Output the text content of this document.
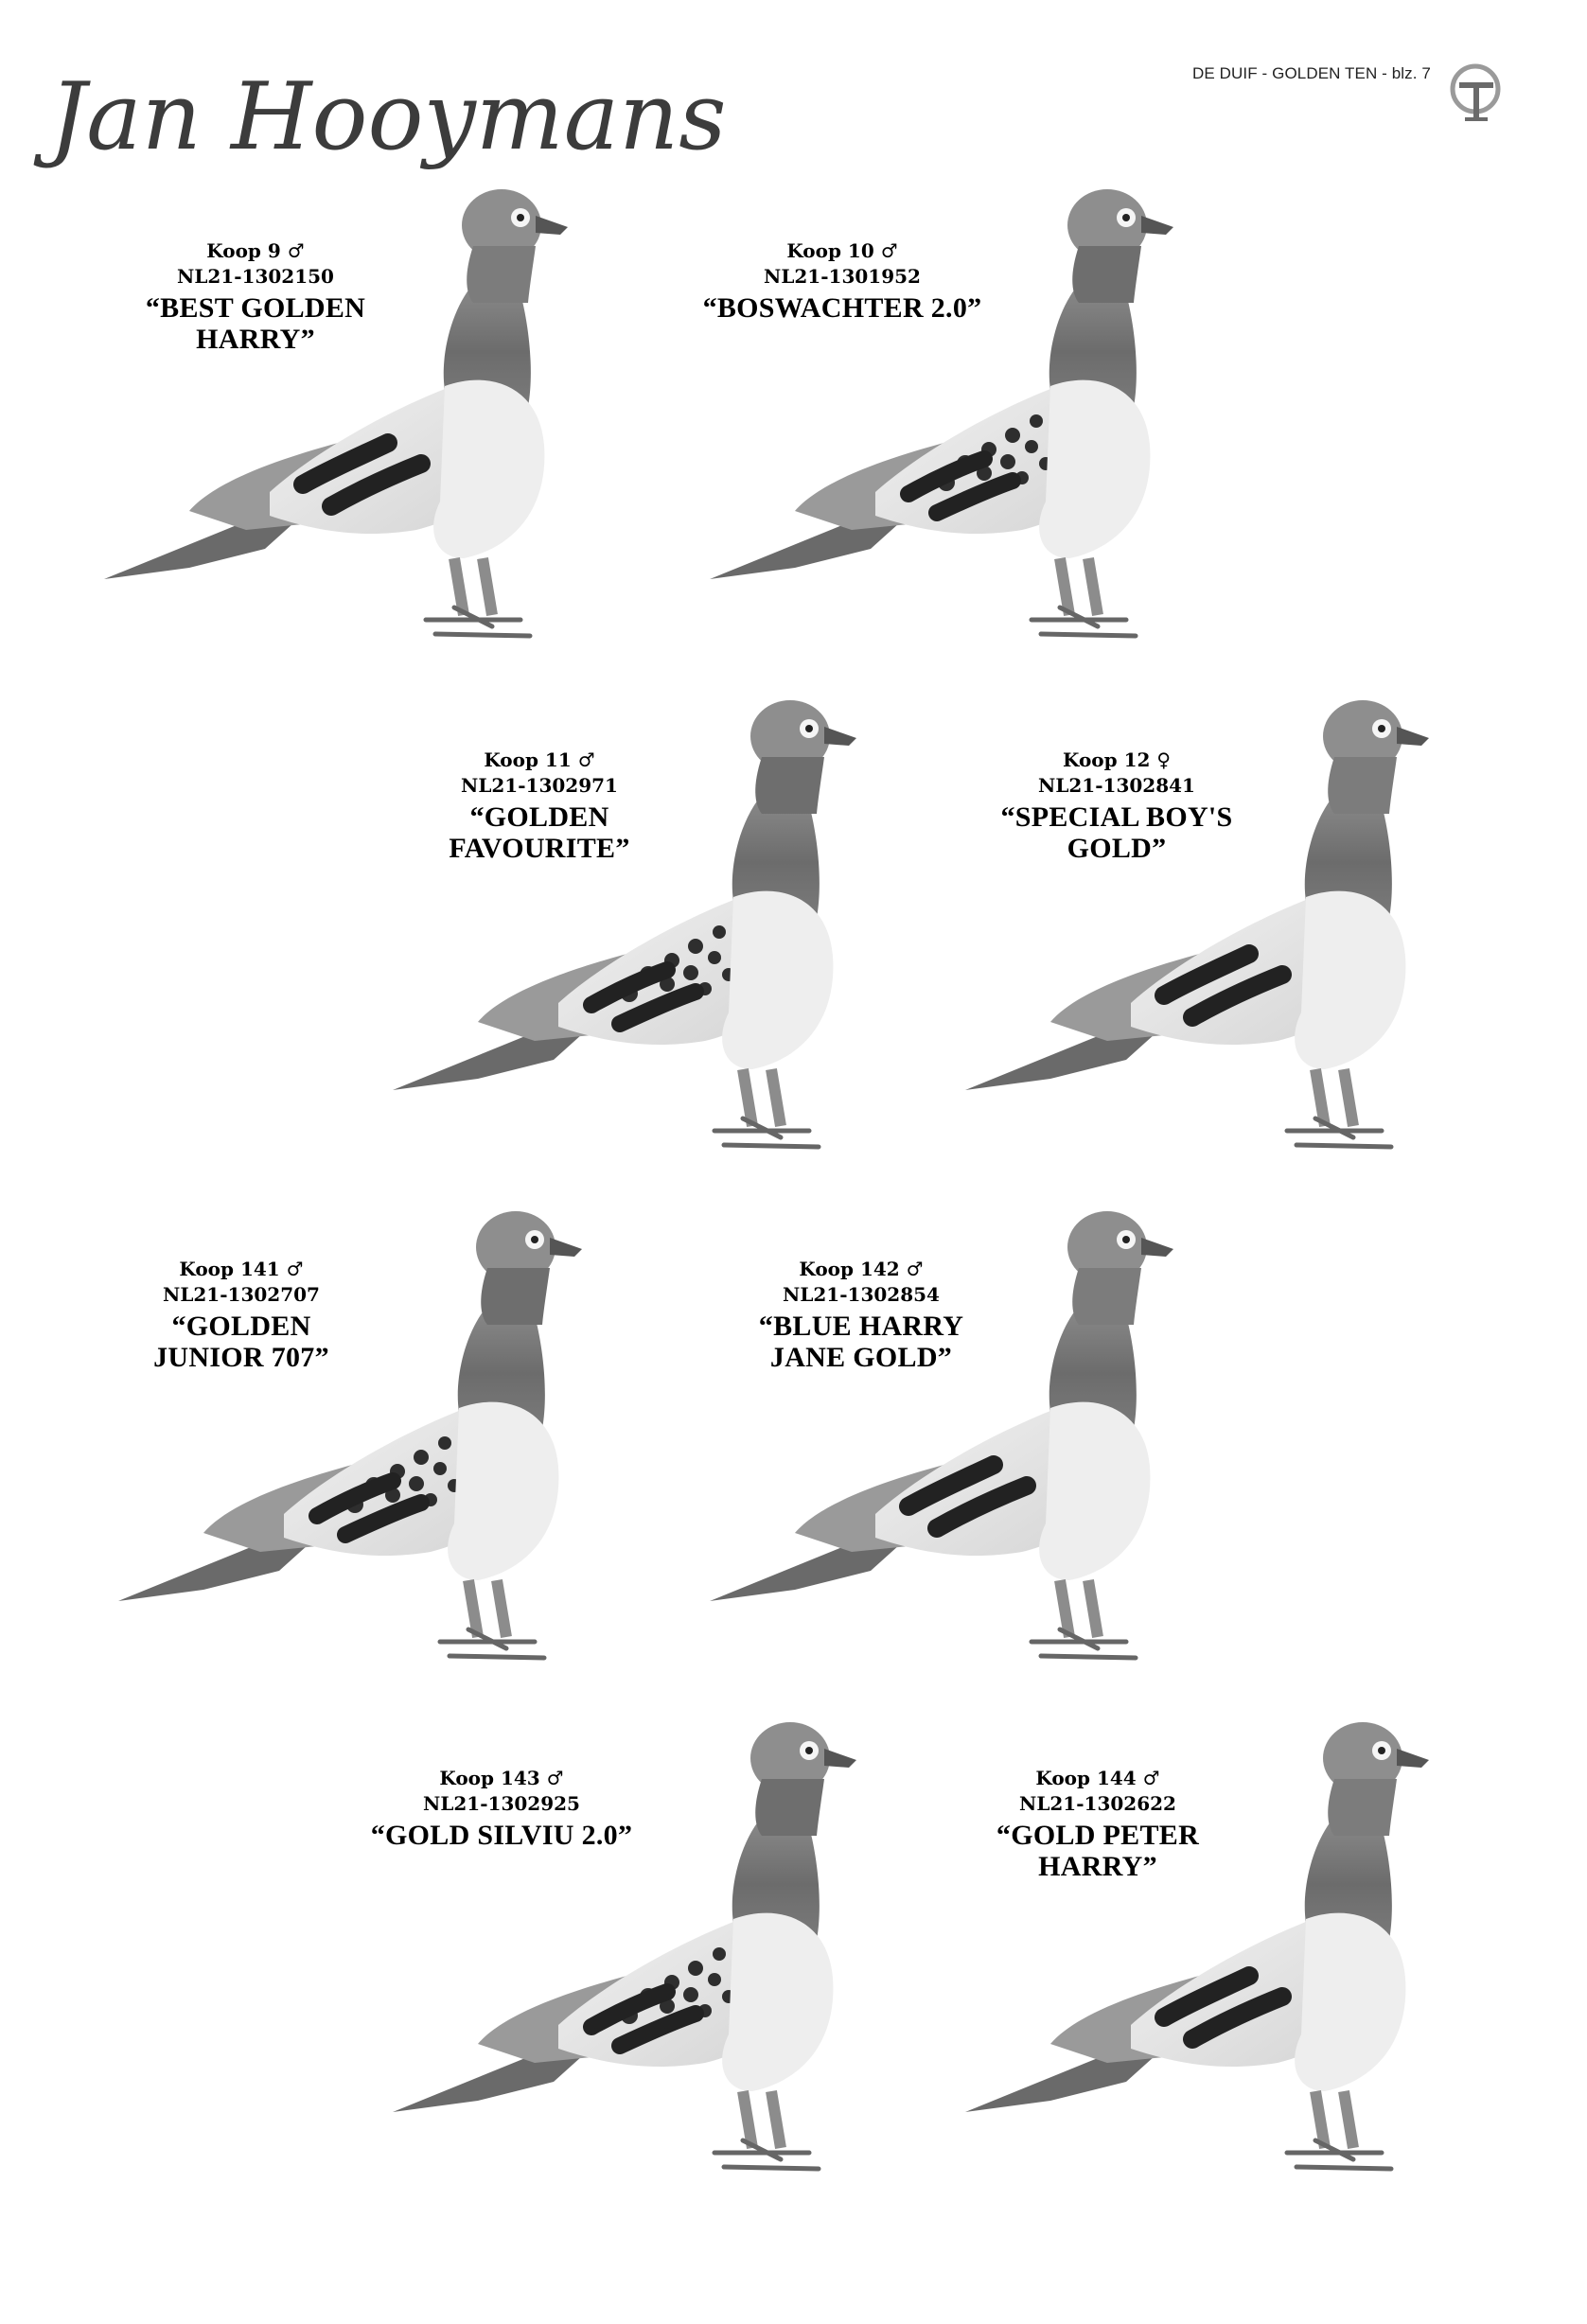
Jan Hooymans	DE DUIF - GOLDEN TEN - blz. 7
Koop 9 ♂
NL21-1302150
“BEST GOLDEN
HARRY”
Koop 10 ♂
NL21-1301952
“BOSWACHTER 2.0”
Koop 11 ♂
NL21-1302971
“GOLDEN
FAVOURITE”
Koop 12 ♀
NL21-1302841
“SPECIAL BOY'S
GOLD”
Koop 141 ♂
NL21-1302707
“GOLDEN
JUNIOR 707”
Koop 142 ♂
NL21-1302854
“BLUE HARRY
JANE GOLD”
Koop 143 ♂
NL21-1302925
“GOLD SILVIU 2.0”
Koop 144 ♂
NL21-1302622
“GOLD PETER
HARRY”
